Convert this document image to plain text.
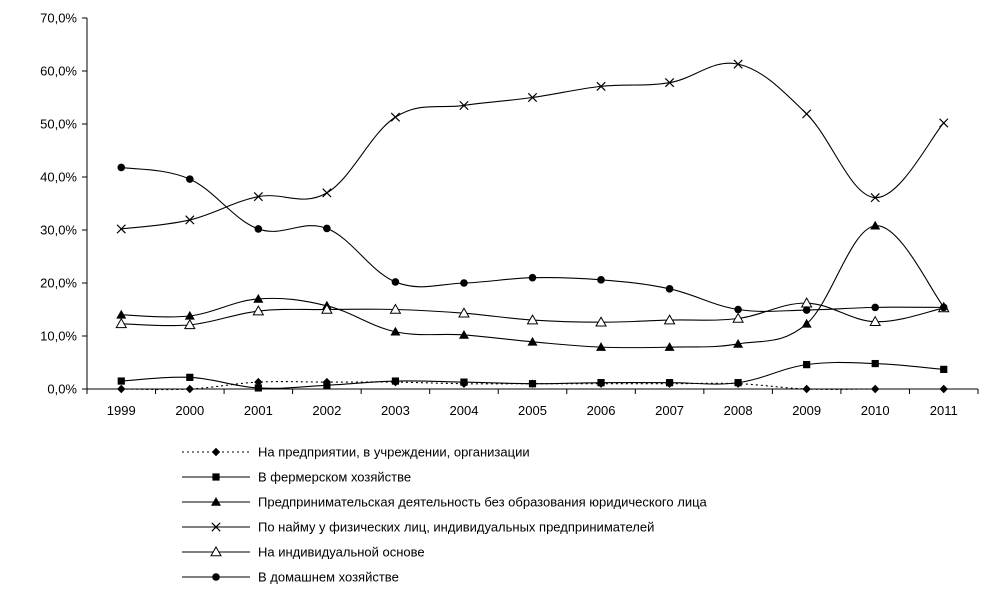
0,0%
10,0%
20,0%
30,0%
40,0%
50,0%
60,0%
70,0%
1999	2000	2001	2002	2003	2004	2005	2006	2007	2008	2009	2010	2011
На предприятии, в учреждении, организации
В фермерском хозяйстве
Предпринимательская деятельность без образования юридического лица
По найму у физических лиц, индивидуальных предпринимателей
На индивидуальной основе
В домашнем хозяйстве
